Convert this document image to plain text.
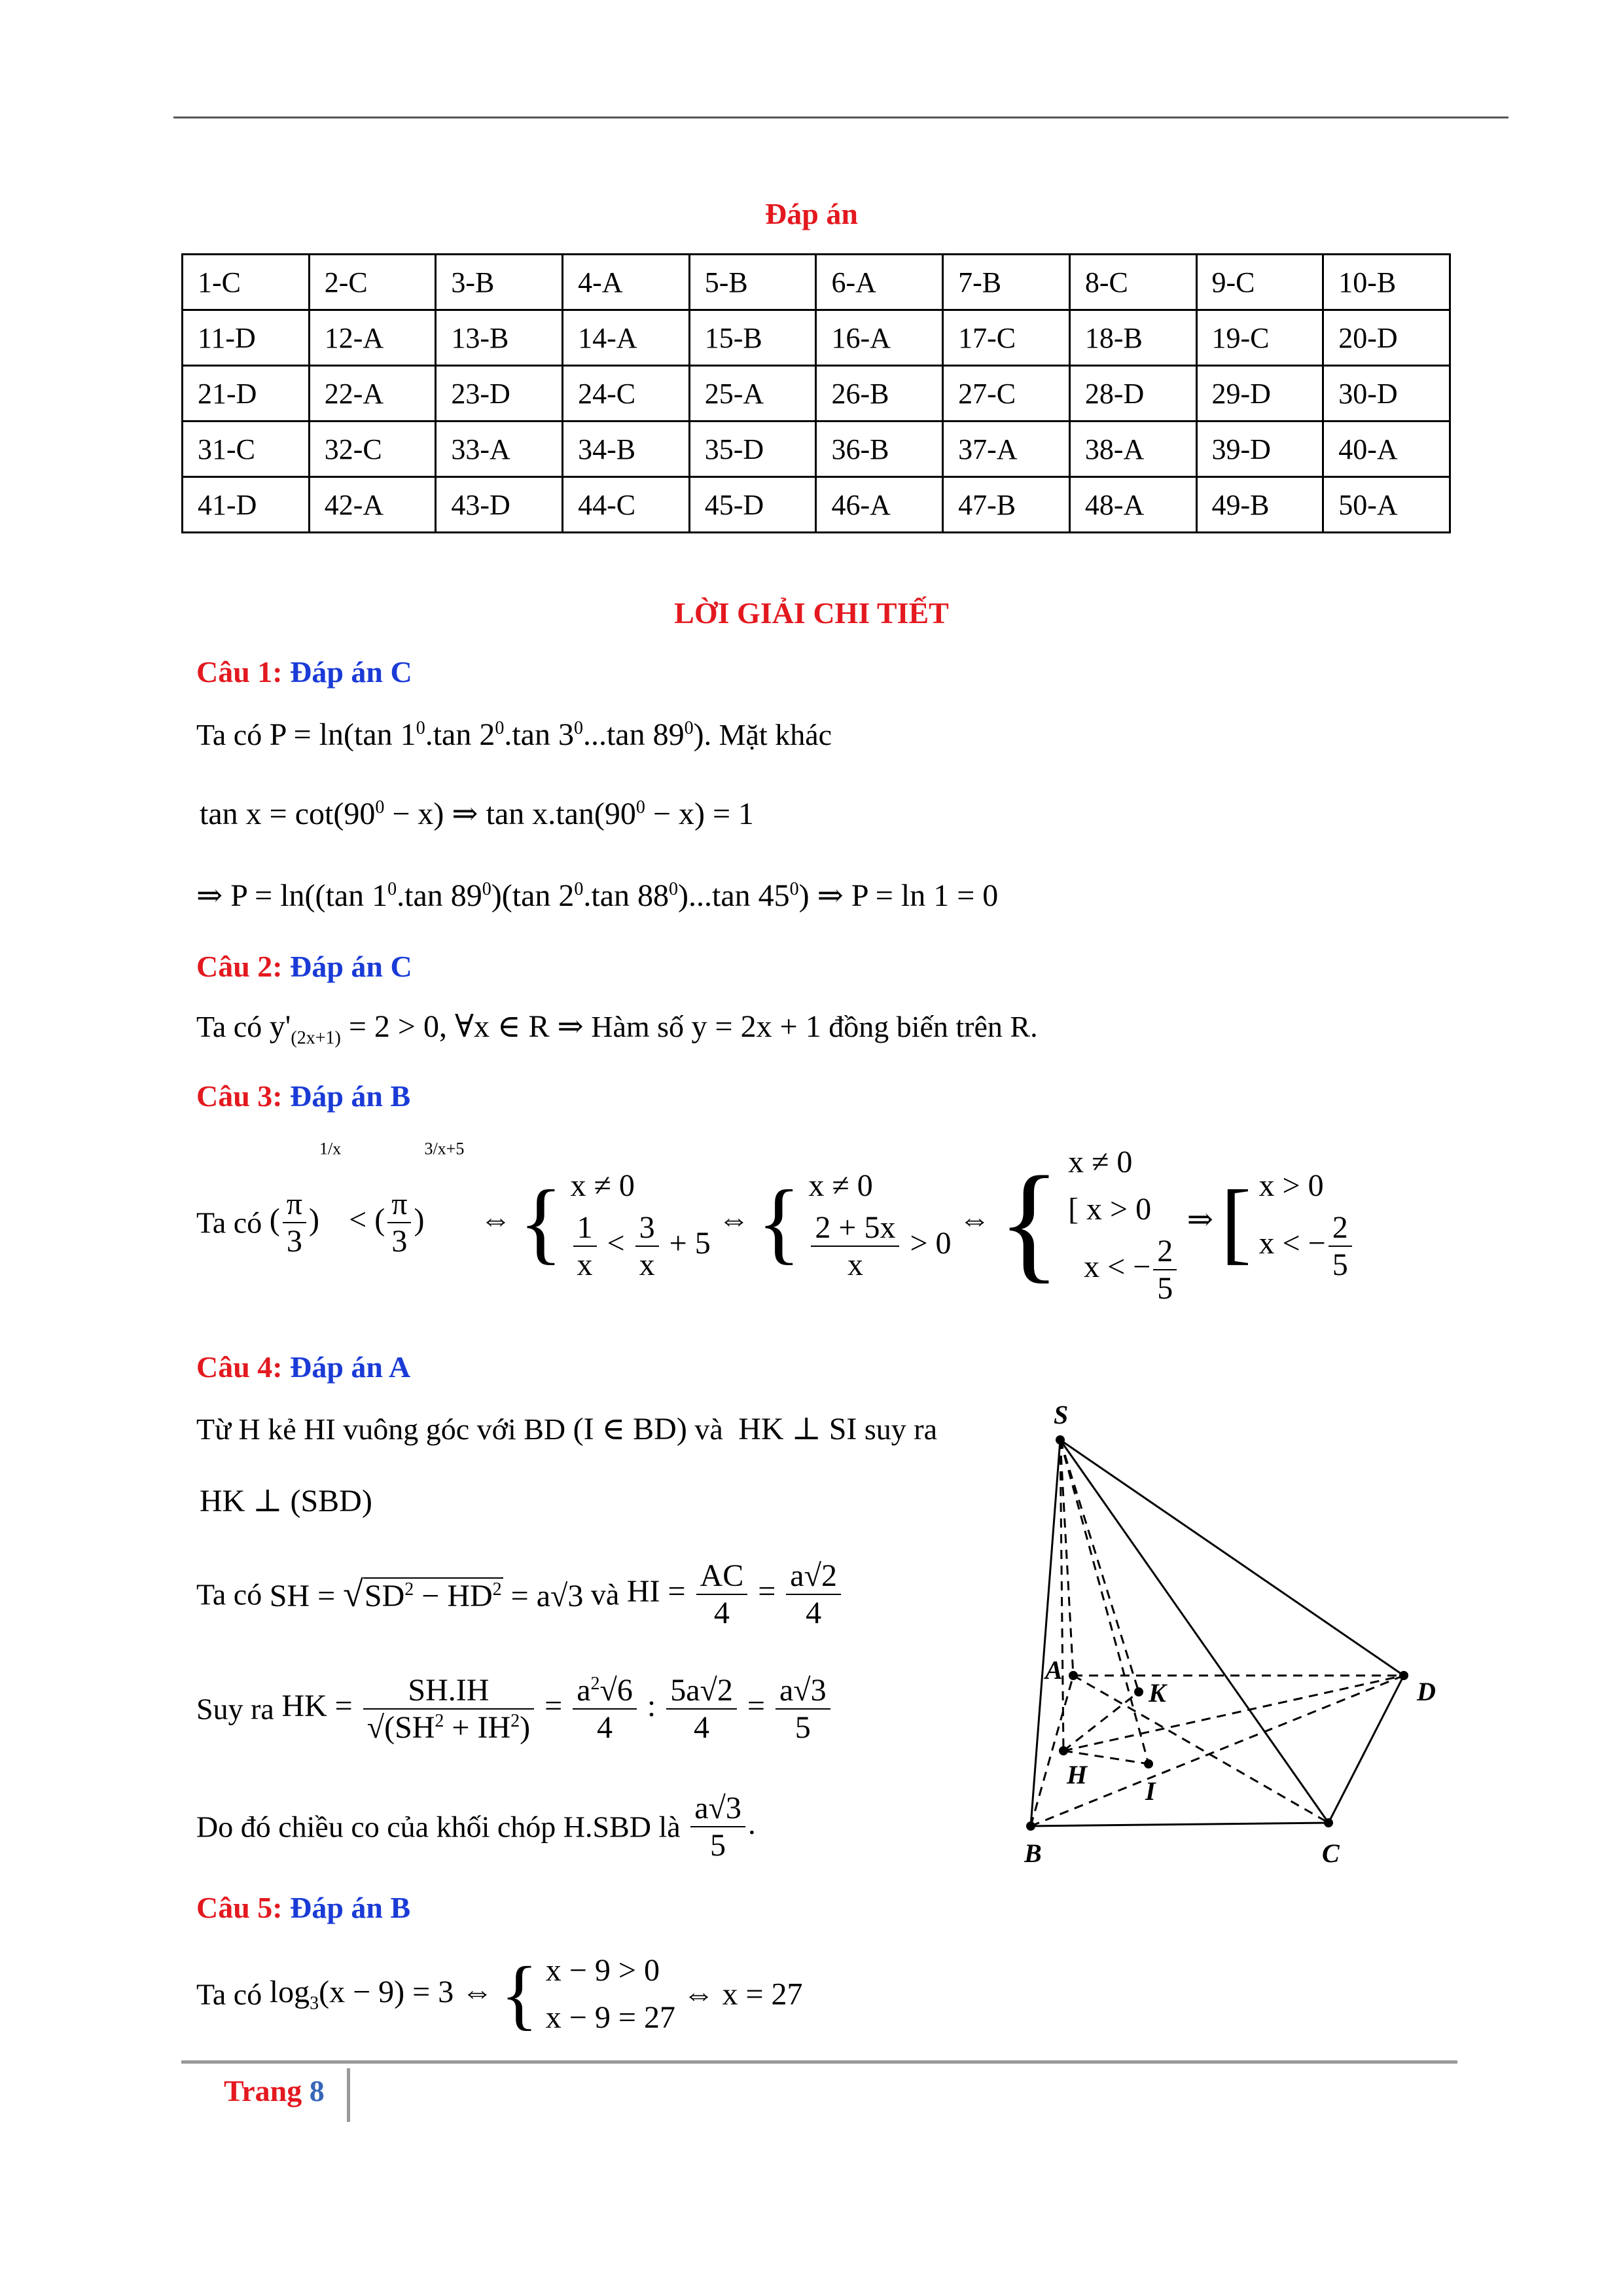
Đáp án
1-C	2-C	3-B	4-A	5-B	6-A	7-B	8-C	9-C	10-B
11-D	12-A	13-B	14-A	15-B	16-A	17-C	18-B	19-C	20-D
21-D	22-A	23-D	24-C	25-A	26-B	27-C	28-D	29-D	30-D
31-C	32-C	33-A	34-B	35-D	36-B	37-A	38-A	39-D	40-A
41-D	42-A	43-D	44-C	45-D	46-A	47-B	48-A	49-B	50-A
LỜI GIẢI CHI TIẾT
Câu 1: Đáp án C
Ta có P = ln(tan $1^0.\tan$ $2^0.\tan$ $3^0...\tan$ $89^0$). Mặt khác
$\tan x = \cot(90^0 - x)$ ⇒ $\tan x.\tan(90^0 - x) = 1$
⇒ P = ln((tan $1^0.\tan$ $89^0)(\tan$ $2^0.\tan$ $88^0)...\tan$ $45^0$) ⇒ P = ln 1 = 0
Câu 2: Đáp án C
Ta có $y'_{(2x+1)} = 2 > 0$, ∀x ∈ R ⇒ Hàm số y = 2x + 1 đồng biến trên R.
Câu 3: Đáp án B
Ta có ( $\frac{\pi}{3} )^{1/x}$ < ( $\frac{\pi}{3} )^{3/x+5}$  ⇔ { x ≠ 0

$\frac{1}{x} < \frac{3}{x} + 5$ ⇔ { x ≠ 0

$\frac{2 + 5x}{x} > 0$ ⇔ { x ≠ 0
[ x > 0
x < − $\frac{2}{5}$
⇒ [ x > 0
x < − $\frac{2}{5}$
Câu 4: Đáp án A
Từ H kẻ HI vuông góc với BD (I ∈ BD) và  HK ⊥ SI suy ra
HK ⊥ (SBD)
Ta có SH = $√SD^2 - HD^2 = a√3$ và HI = $\frac{AC}{4} = \frac{a√2}{4}$
Suy ra HK = $\frac{SH.IH}{√(SH^2 + IH^2)} = \frac{a^2√6}{4}$ : $\frac{5a√2}{4} = \frac{a√3}{5}$
Do đó chiều co của khối chóp H.SBD là $\frac{a√3}{5}$ .
S
A
K	D
H
I
B	C
Câu 5: Đáp án B
Ta có $\log_3(x - 9) = 3$ ⇔ { x − 9 > 0
x − 9 = 27 ⇔ x = 27
Trang 8
